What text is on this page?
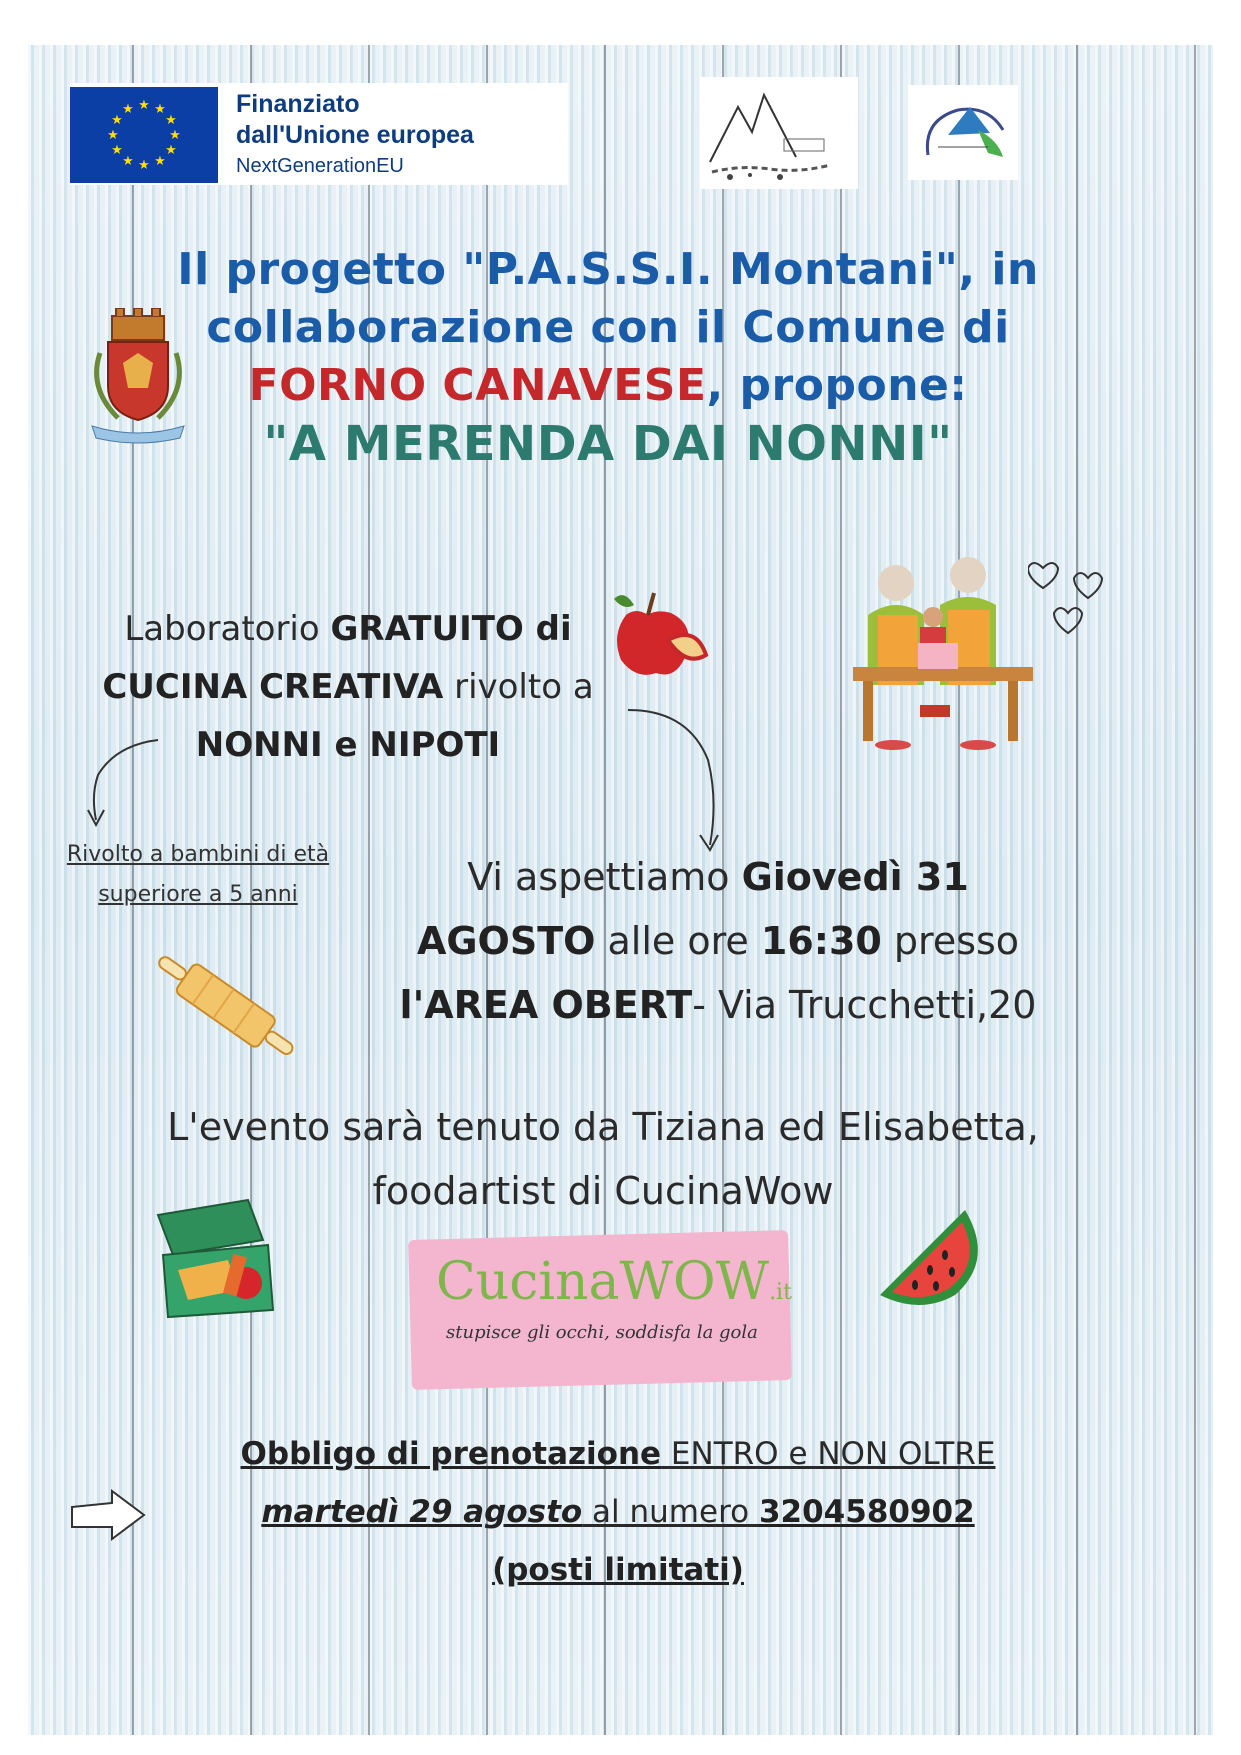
★ ★
★
★
★
★
★
★
★
★
★
★	Finanziato
dall'Unione europea
NextGenerationEU
Il progetto "P.A.S.S.I. Montani", in
collaborazione con il Comune di
FORNO CANAVESE, propone:
"A MERENDA DAI NONNI"
Laboratorio GRATUITO di
CUCINA CREATIVA rivolto a
NONNI e NIPOTI
Rivolto a bambini di età
superiore a 5 anni	Vi aspettiamo Giovedì 31
AGOSTO alle ore 16:30 presso
l'AREA OBERT- Via Trucchetti,20
L'evento sarà tenuto da Tiziana ed Elisabetta,
foodartist di CucinaWow
CucinaWOW.it
stupisce gli occhi, soddisfa la gola
Obbligo di prenotazione ENTRO e NON OLTRE
martedì 29 agosto al numero 3204580902
(posti limitati)
